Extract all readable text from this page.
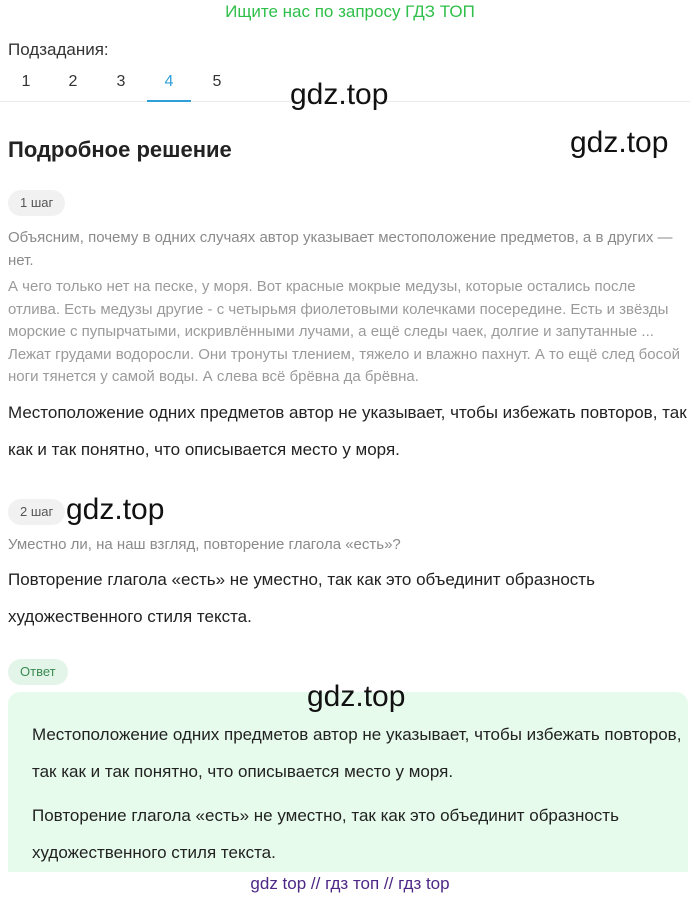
Ищите нас по запросу ГДЗ ТОП
Подзадания:
1	2	3	4	5	gdz.top
gdz.top
Подробное решение
1 шаг
Объясним, почему в одних случаях автор указывает местоположение предметов, а в других — нет.
А чего только нет на песке, у моря. Вот красные мокрые медузы, которые остались после отлива. Есть медузы другие - с четырьмя фиолетовыми колечками посередине. Есть и звёзды морские с пупырчатыми, искривлёнными лучами, а ещё следы чаек, долгие и запутанные ... Лежат грудами водоросли. Они тронуты тлением, тяжело и влажно пахнут. А то ещё след босой ноги тянется у самой воды. А слева всё брёвна да брёвна.
Местоположение одних предметов автор не указывает, чтобы избежать повторов, так как и так понятно, что описывается место у моря.
2 шаг gdz.top
Уместно ли, на наш взгляд, повторение глагола «есть»?
Повторение глагола «есть» не уместно, так как это объединит образность художественного стиля текста.
Ответ
Местоположение одних предметов автор не указывает, чтобы избежать повторов, так как и так понятно, что описывается место у моря.
Повторение глагола «есть» не уместно, так как это объединит образность художественного стиля текста.
gdz.top
gdz top // гдз топ // гдз top
